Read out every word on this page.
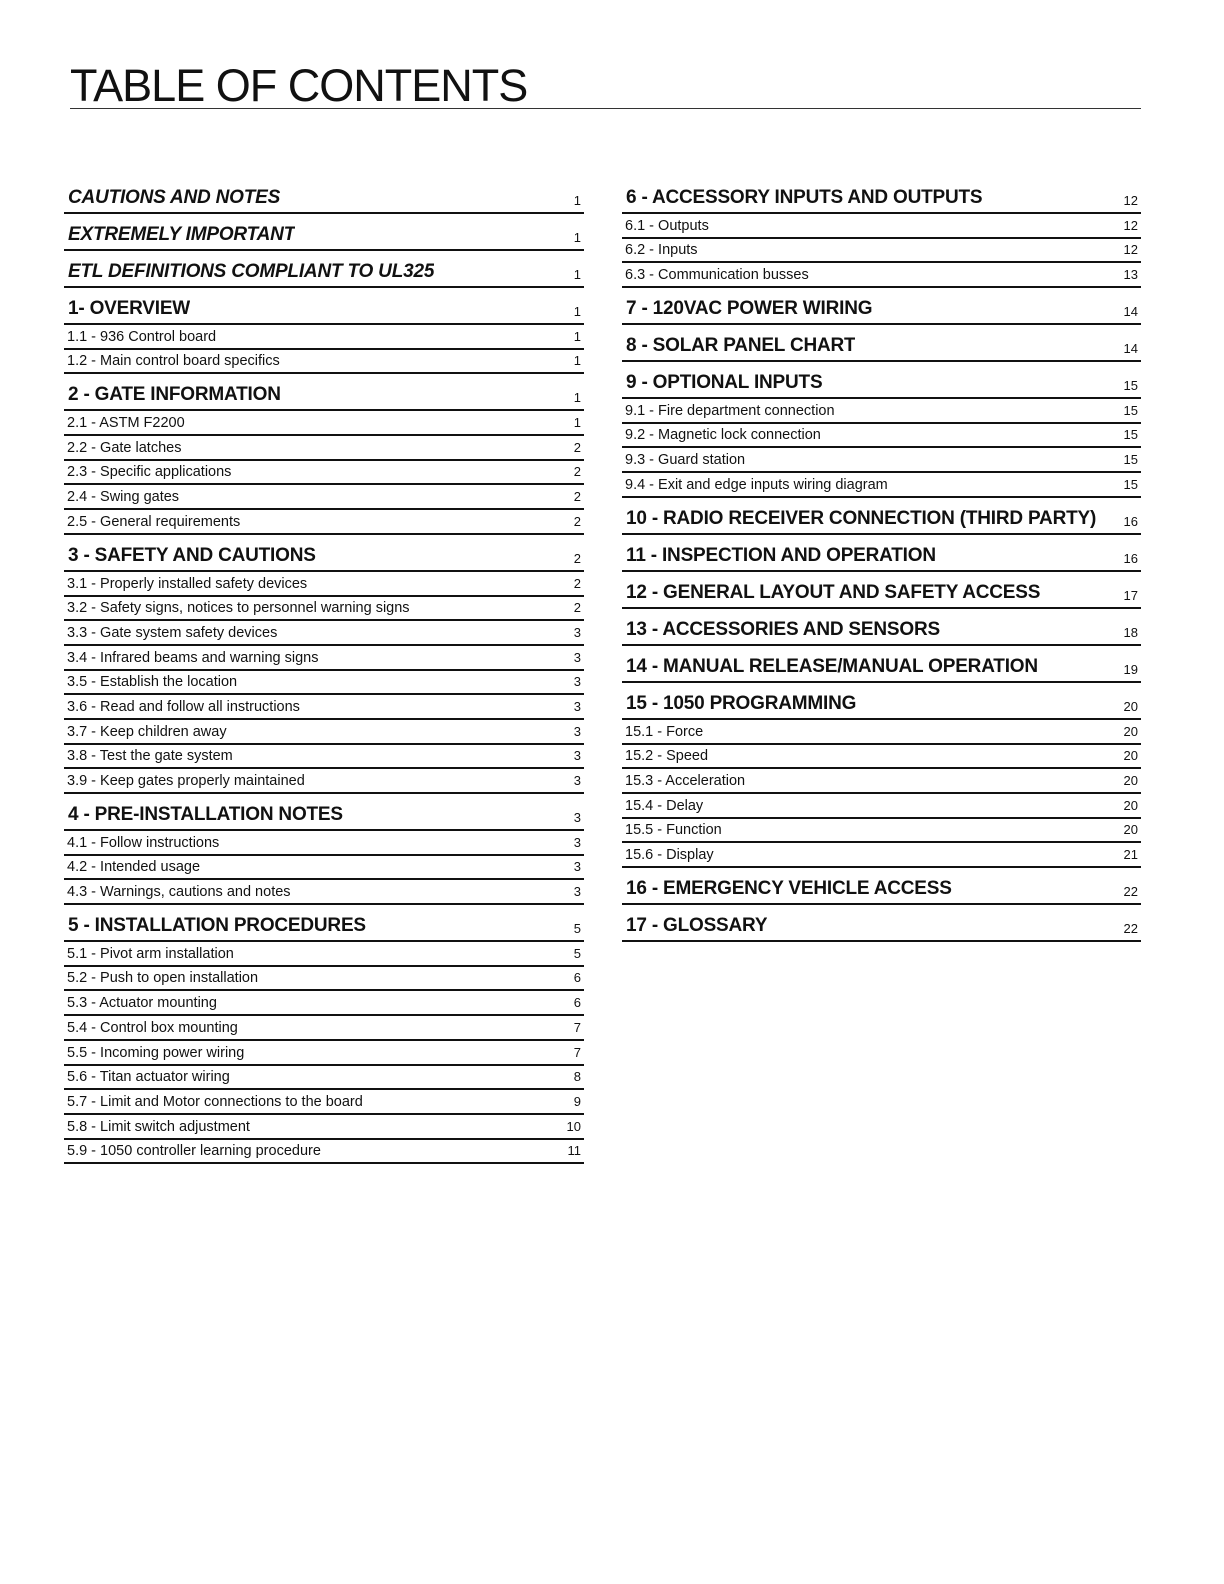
TABLE OF CONTENTS
CAUTIONS AND NOTES	1
EXTREMELY IMPORTANT	1
ETL DEFINITIONS COMPLIANT TO UL325	1
1- OVERVIEW	1
1.1 - 936 Control board	1
1.2 - Main control board specifics	1
2 - GATE INFORMATION	1
2.1 - ASTM F2200	1
2.2 - Gate latches	2
2.3 - Specific applications	2
2.4 - Swing gates	2
2.5 - General requirements	2
3 - SAFETY AND CAUTIONS	2
3.1 - Properly installed safety devices	2
3.2 - Safety signs, notices to personnel warning signs	2
3.3 - Gate system safety devices	3
3.4 - Infrared beams and warning signs	3
3.5 - Establish the location	3
3.6 - Read and follow all instructions	3
3.7 - Keep children away	3
3.8 - Test the gate system	3
3.9 - Keep gates properly maintained	3
4 - PRE-INSTALLATION NOTES	3
4.1 - Follow instructions	3
4.2 - Intended usage	3
4.3 - Warnings, cautions and notes	3
5 - INSTALLATION PROCEDURES	5
5.1 - Pivot arm installation	5
5.2 - Push to open installation	6
5.3 - Actuator mounting	6
5.4 - Control box mounting	7
5.5 - Incoming power wiring	7
5.6 - Titan actuator wiring	8
5.7 - Limit and Motor connections to the board	9
5.8 - Limit switch adjustment	10
5.9 - 1050 controller learning procedure	11
6 - ACCESSORY INPUTS AND OUTPUTS	12
6.1 - Outputs	12
6.2 - Inputs	12
6.3 - Communication busses	13
7 - 120VAC POWER WIRING	14
8 - SOLAR PANEL CHART	14
9 - OPTIONAL INPUTS	15
9.1 - Fire department connection	15
9.2 - Magnetic lock connection	15
9.3 - Guard station	15
9.4 - Exit and edge inputs wiring diagram	15
10 - RADIO RECEIVER CONNECTION (THIRD PARTY) 16
11 - INSPECTION AND OPERATION	16
12 - GENERAL LAYOUT AND SAFETY ACCESS	17
13 - ACCESSORIES AND SENSORS	18
14 - MANUAL RELEASE/MANUAL OPERATION	19
15 - 1050 PROGRAMMING	20
15.1 - Force	20
15.2 - Speed	20
15.3 - Acceleration	20
15.4 - Delay	20
15.5 - Function	20
15.6 - Display	21
16 - EMERGENCY VEHICLE ACCESS	22
17 - GLOSSARY	22
